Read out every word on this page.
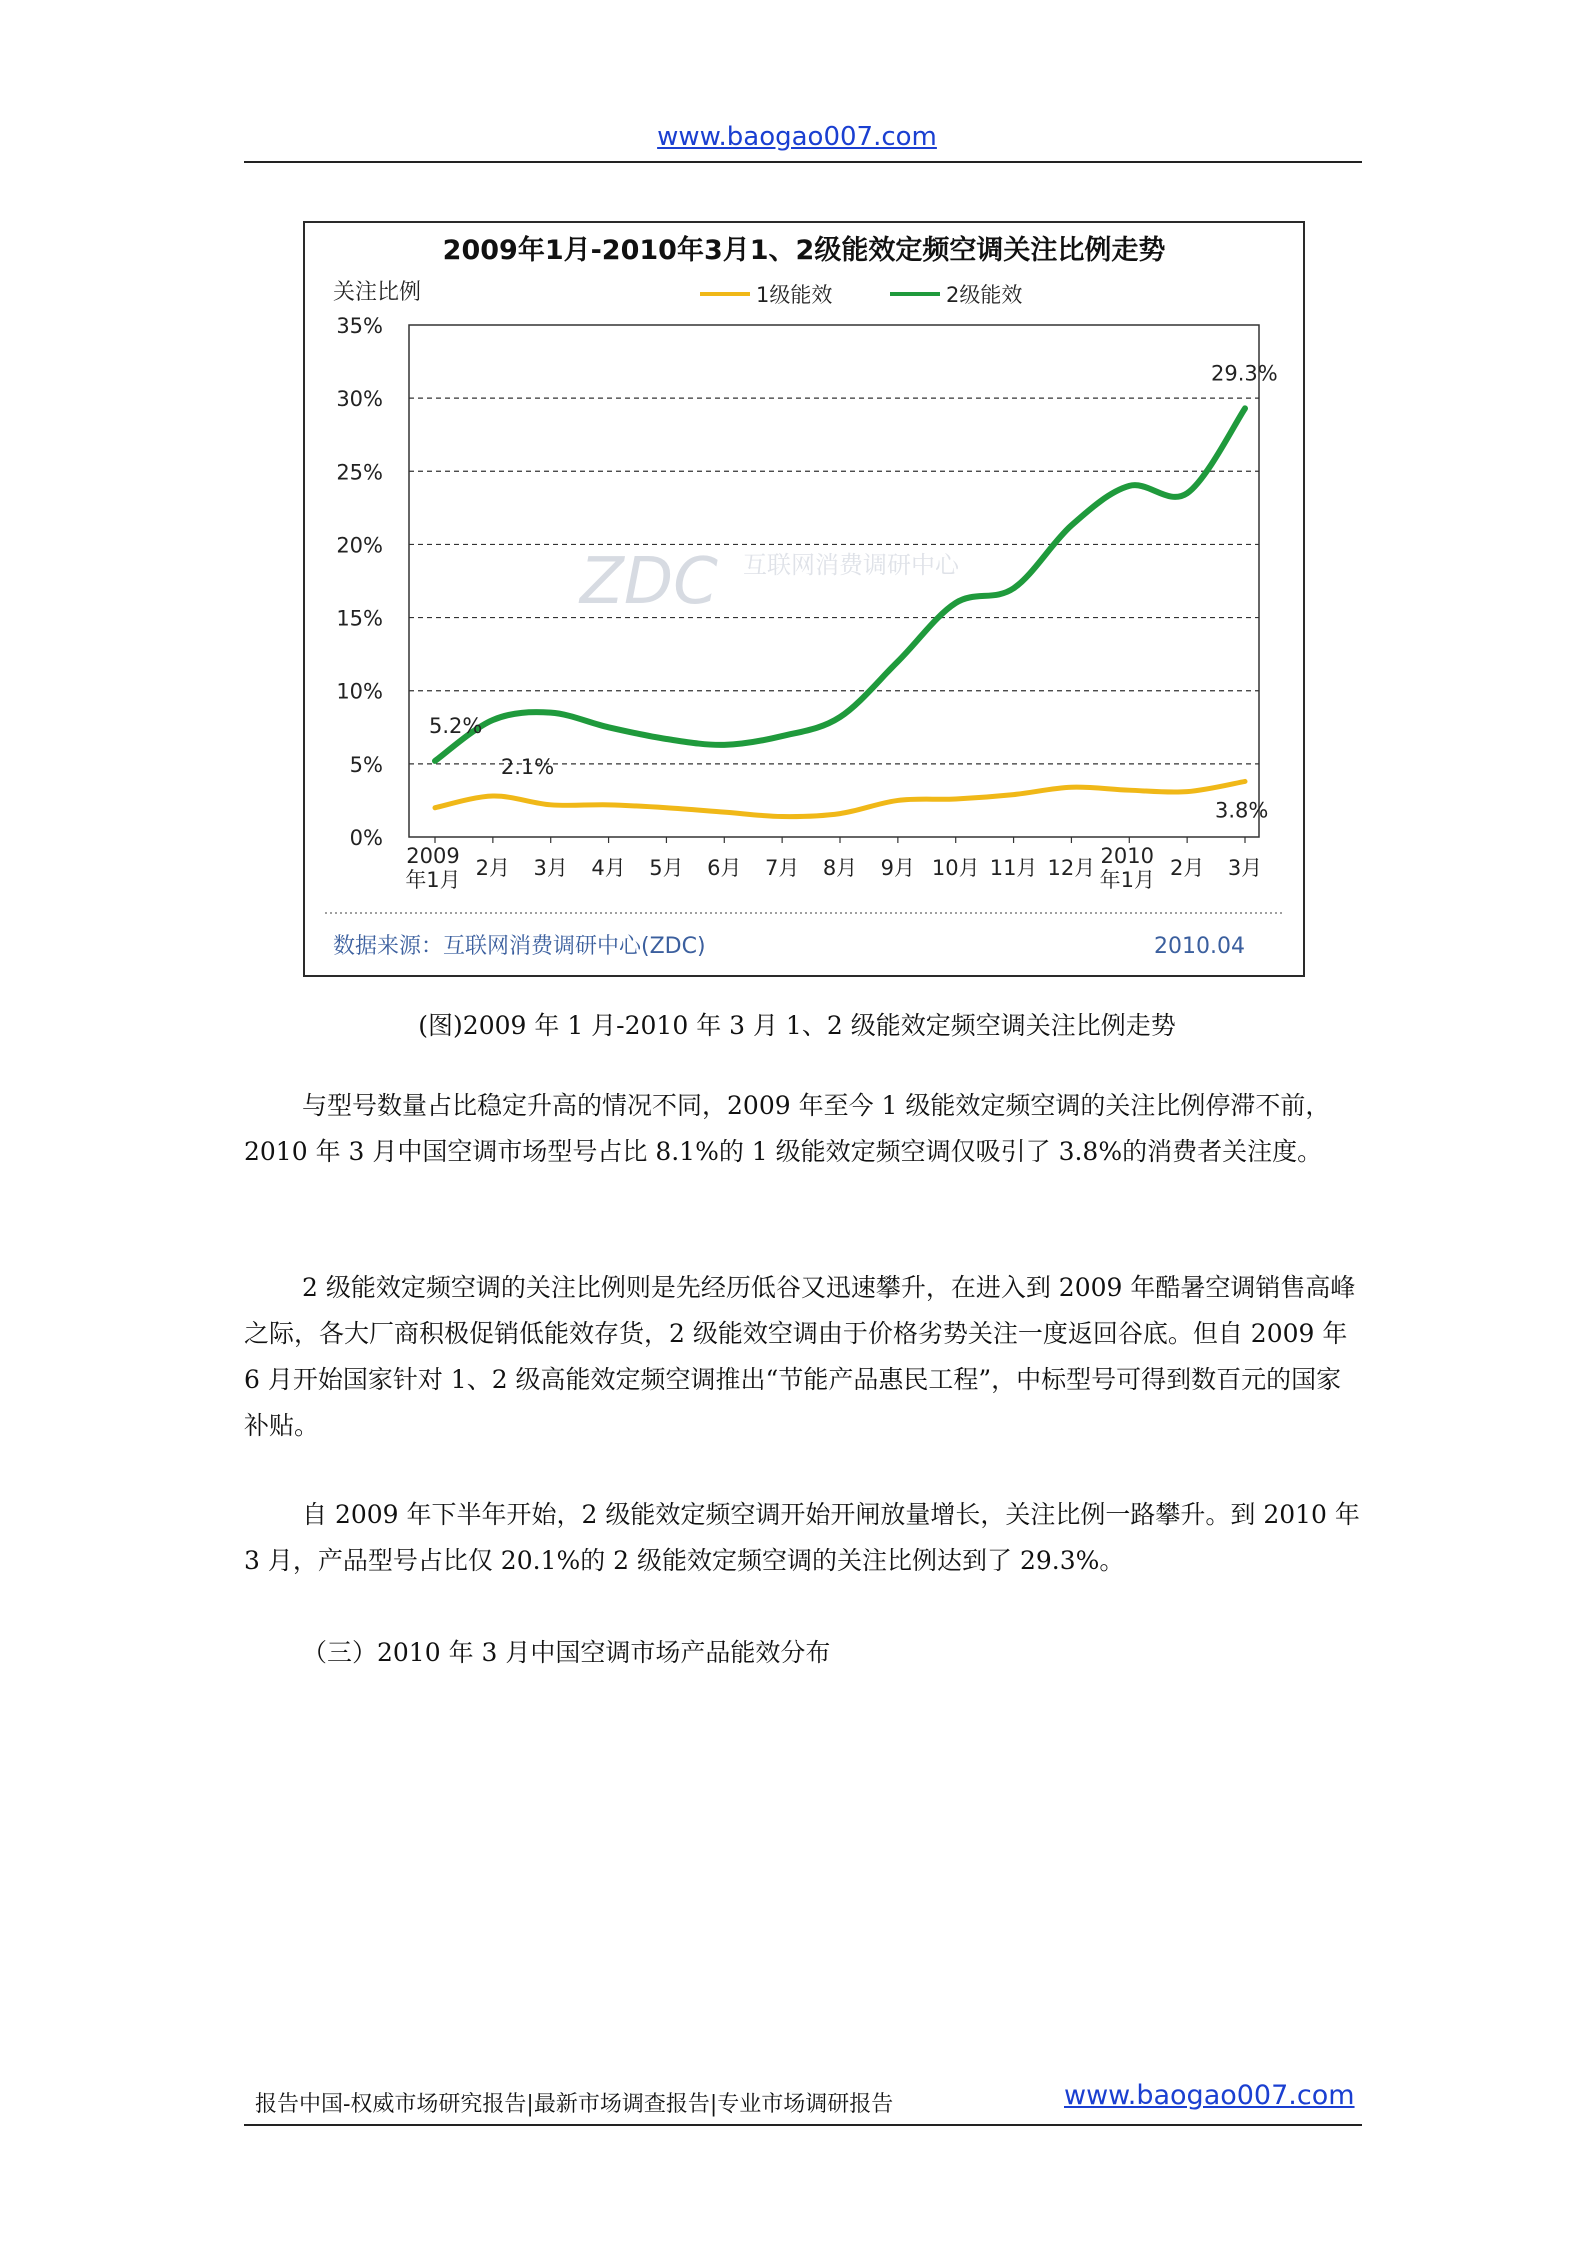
www.baogao007.com
2009年1月-2010年3月1、2级能效定频空调关注比例走势
关注比例	1级能效	2级能效
ZDC 互联网消费调研中心
0%
5%
10%
15%
20%
25%
30%
35%
2009
年1月 2月 3月 4月 5月 6月 7月 8月 9月 10月 11月 12月 2010
年1月 2月 3月
5.2%
2.1%
29.3%
3.8%
数据来源：互联网消费调研中心(ZDC)	2010.04
(图)2009 年 1 月-2010 年 3 月 1、2 级能效定频空调关注比例走势

与型号数量占比稳定升高的情况不同，2009 年至今 1 级能效定频空调的关注比例停滞不前，2010 年 3 月中国空调市场型号占比 8.1%的 1 级能效定频空调仅吸引了 3.8%的消费者关注度。

2 级能效定频空调的关注比例则是先经历低谷又迅速攀升，在进入到 2009 年酷暑空调销售高峰之际，各大厂商积极促销低能效存货，2 级能效空调由于价格劣势关注一度返回谷底。但自 2009 年 6 月开始国家针对 1、2 级高能效定频空调推出“节能产品惠民工程”，中标型号可得到数百元的国家补贴。

自 2009 年下半年开始，2 级能效定频空调开始开闸放量增长，关注比例一路攀升。到 2010 年 3 月，产品型号占比仅 20.1%的 2 级能效定频空调的关注比例达到了 29.3%。

（三）2010 年 3 月中国空调市场产品能效分布

报告中国-权威市场研究报告|最新市场调查报告|专业市场调研报告	www.baogao007.com
